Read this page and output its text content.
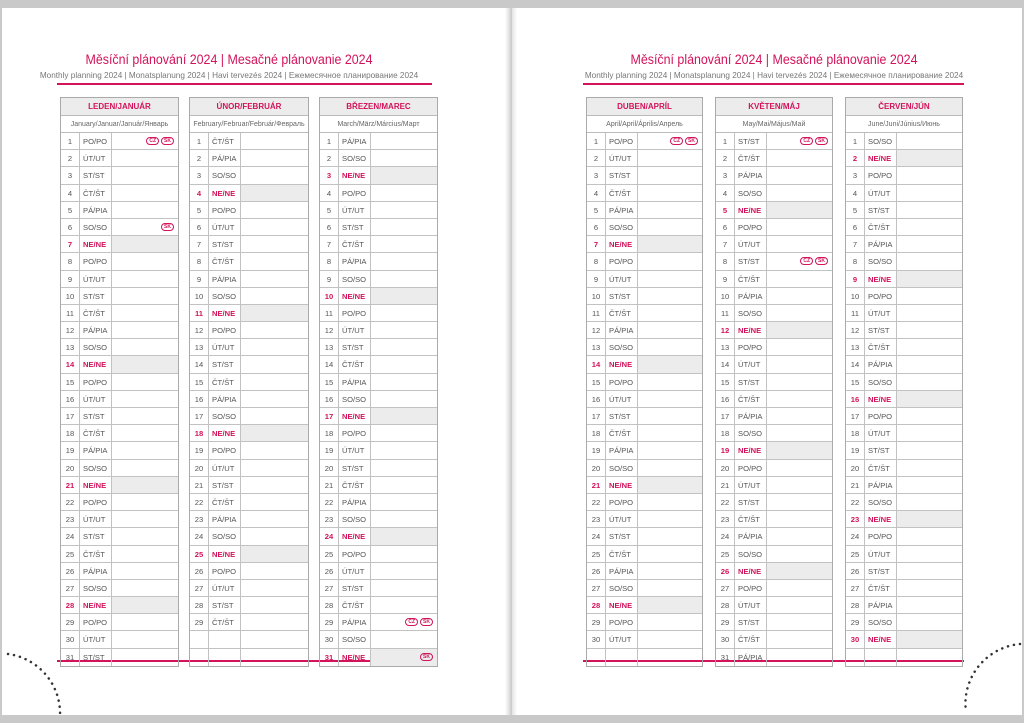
Měsíční plánování 2024 | Mesačné plánovanie 2024
Monthly planning 2024 | Monatsplanung 2024 | Havi tervezés 2024 | Ежемесячное планирование 2024
LEDEN/JANUÁR
January/Januar/Január/Январь
1	PO/PO	CZ	SK
2	ÚT/UT
3	ST/ST
4	ČT/ŠT
5	PÁ/PIA
6	SO/SO	SK
7	NE/NE
8	PO/PO
9	ÚT/UT
10	ST/ST
11	ČT/ŠT
12	PÁ/PIA
13	SO/SO
14	NE/NE
15	PO/PO
16	ÚT/UT
17	ST/ST
18	ČT/ŠT
19	PÁ/PIA
20	SO/SO
21	NE/NE
22	PO/PO
23	ÚT/UT
24	ST/ST
25	ČT/ŠT
26	PÁ/PIA
27	SO/SO
28	NE/NE
29	PO/PO
30	ÚT/UT
31	ST/ST
ÚNOR/FEBRUÁR
February/Februar/Február/Февраль
1	ČT/ŠT
2	PÁ/PIA
3	SO/SO
4	NE/NE
5	PO/PO
6	ÚT/UT
7	ST/ST
8	ČT/ŠT
9	PÁ/PIA
10	SO/SO
11	NE/NE
12	PO/PO
13	ÚT/UT
14	ST/ST
15	ČT/ŠT
16	PÁ/PIA
17	SO/SO
18	NE/NE
19	PO/PO
20	ÚT/UT
21	ST/ST
22	ČT/ŠT
23	PÁ/PIA
24	SO/SO
25	NE/NE
26	PO/PO
27	ÚT/UT
28	ST/ST
29	ČT/ŠT
BŘEZEN/MAREC
March/März/Március/Март
1	PÁ/PIA
2	SO/SO
3	NE/NE
4	PO/PO
5	ÚT/UT
6	ST/ST
7	ČT/ŠT
8	PÁ/PIA
9	SO/SO
10	NE/NE
11	PO/PO
12	ÚT/UT
13	ST/ST
14	ČT/ŠT
15	PÁ/PIA
16	SO/SO
17	NE/NE
18	PO/PO
19	ÚT/UT
20	ST/ST
21	ČT/ŠT
22	PÁ/PIA
23	SO/SO
24	NE/NE
25	PO/PO
26	ÚT/UT
27	ST/ST
28	ČT/ŠT
29	PÁ/PIA	CZ	SK
30	SO/SO
31	NE/NE	SK
Měsíční plánování 2024 | Mesačné plánovanie 2024
Monthly planning 2024 | Monatsplanung 2024 | Havi tervezés 2024 | Ежемесячное планирование 2024
DUBEN/APRÍL
April/April/Április/Апрель
1	PO/PO	CZ	SK
2	ÚT/UT
3	ST/ST
4	ČT/ŠT
5	PÁ/PIA
6	SO/SO
7	NE/NE
8	PO/PO
9	ÚT/UT
10	ST/ST
11	ČT/ŠT
12	PÁ/PIA
13	SO/SO
14	NE/NE
15	PO/PO
16	ÚT/UT
17	ST/ST
18	ČT/ŠT
19	PÁ/PIA
20	SO/SO
21	NE/NE
22	PO/PO
23	ÚT/UT
24	ST/ST
25	ČT/ŠT
26	PÁ/PIA
27	SO/SO
28	NE/NE
29	PO/PO
30	ÚT/UT
KVĚTEN/MÁJ
May/Mai/Május/Май
1	ST/ST	CZ	SK
2	ČT/ŠT
3	PÁ/PIA
4	SO/SO
5	NE/NE
6	PO/PO
7	ÚT/UT
8	ST/ST	CZ	SK
9	ČT/ŠT
10	PÁ/PIA
11	SO/SO
12	NE/NE
13	PO/PO
14	ÚT/UT
15	ST/ST
16	ČT/ŠT
17	PÁ/PIA
18	SO/SO
19	NE/NE
20	PO/PO
21	ÚT/UT
22	ST/ST
23	ČT/ŠT
24	PÁ/PIA
25	SO/SO
26	NE/NE
27	PO/PO
28	ÚT/UT
29	ST/ST
30	ČT/ŠT
31	PÁ/PIA
ČERVEN/JÚN
June/Juni/Június/Июнь
1	SO/SO
2	NE/NE
3	PO/PO
4	ÚT/UT
5	ST/ST
6	ČT/ŠT
7	PÁ/PIA
8	SO/SO
9	NE/NE
10	PO/PO
11	ÚT/UT
12	ST/ST
13	ČT/ŠT
14	PÁ/PIA
15	SO/SO
16	NE/NE
17	PO/PO
18	ÚT/UT
19	ST/ST
20	ČT/ŠT
21	PÁ/PIA
22	SO/SO
23	NE/NE
24	PO/PO
25	ÚT/UT
26	ST/ST
27	ČT/ŠT
28	PÁ/PIA
29	SO/SO
30	NE/NE
